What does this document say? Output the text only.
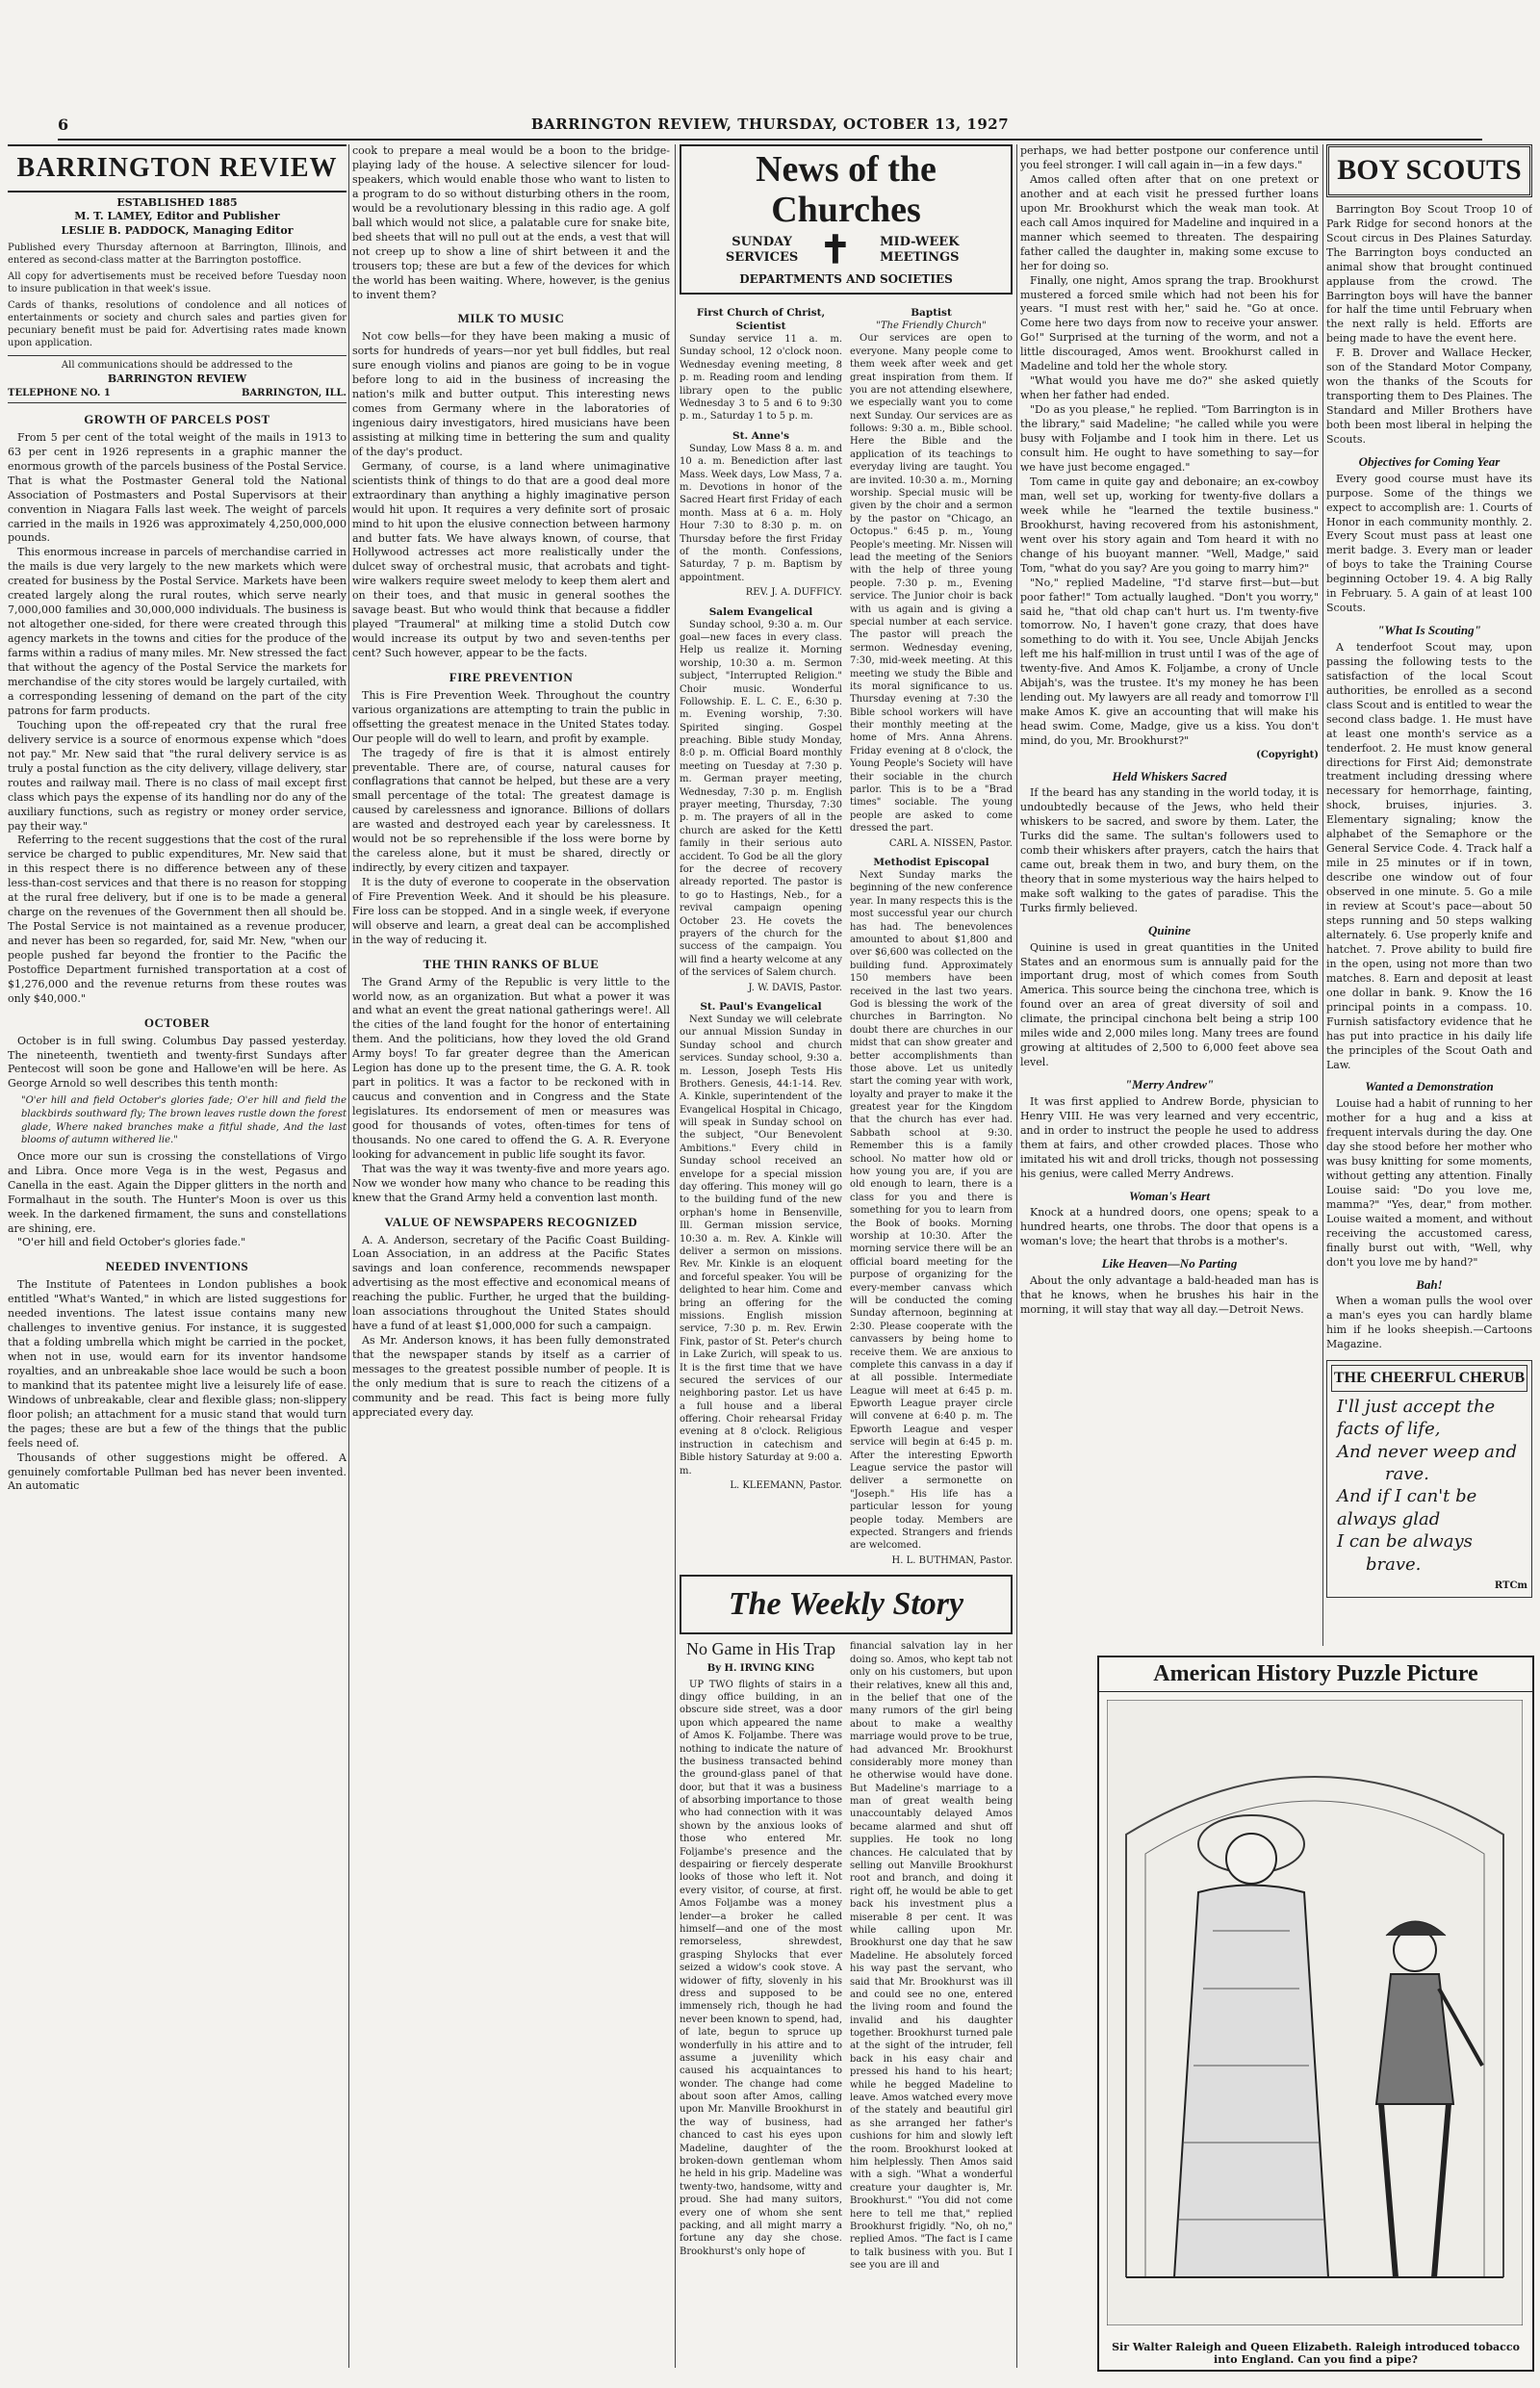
6	BARRINGTON REVIEW, THURSDAY, OCTOBER 13, 1927
BARRINGTON REVIEW
ESTABLISHED 1885
M. T. LAMEY, Editor and Publisher
LESLIE B. PADDOCK, Managing Editor
Published every Thursday afternoon at Barrington, Illinois, and entered as second-class matter at the Barrington postoffice.
All copy for advertisements must be received before Tuesday noon to insure publication in that week's issue.
Cards of thanks, resolutions of condolence and all notices of entertainments or society and church sales and parties given for pecuniary benefit must be paid for. Advertising rates made known upon application.
All communications should be addressed to the
BARRINGTON REVIEW
TELEPHONE NO. 1	BARRINGTON, ILL.
GROWTH OF PARCELS POST

From 5 per cent of the total weight of the mails in 1913 to 63 per cent in 1926 represents in a graphic manner the enormous growth of the parcels business of the Postal Service. That is what the Postmaster General told the National Association of Postmasters and Postal Supervisors at their convention in Niagara Falls last week. The weight of parcels carried in the mails in 1926 was approximately 4,250,000,000 pounds.

This enormous increase in parcels of merchandise carried in the mails is due very largely to the new markets which were created for business by the Postal Service. Markets have been created largely along the rural routes, which serve nearly 7,000,000 families and 30,000,000 individuals. The business is not altogether one-sided, for there were created through this agency markets in the towns and cities for the produce of the farms within a radius of many miles. Mr. New stressed the fact that without the agency of the Postal Service the markets for merchandise of the city stores would be largely curtailed, with a corresponding lessening of demand on the part of the city patrons for farm products.

Touching upon the off-repeated cry that the rural free delivery service is a source of enormous expense which "does not pay." Mr. New said that "the rural delivery service is as truly a postal function as the city delivery, village delivery, star routes and railway mail. There is no class of mail except first class which pays the expense of its handling nor do any of the auxiliary functions, such as registry or money order service, pay their way."

Referring to the recent suggestions that the cost of the rural service be charged to public expenditures, Mr. New said that in this respect there is no difference between any of these less-than-cost services and that there is no reason for stopping at the rural free delivery, but if one is to be made a general charge on the revenues of the Government then all should be. The Postal Service is not maintained as a revenue producer, and never has been so regarded, for, said Mr. New, "when our people pushed far beyond the frontier to the Pacific the Postoffice Department furnished transportation at a cost of $1,276,000 and the revenue returns from these routes was only $40,000."

OCTOBER

October is in full swing. Columbus Day passed yesterday. The nineteenth, twentieth and twenty-first Sundays after Pentecost will soon be gone and Hallowe'en will be here. As George Arnold so well describes this tenth month:

"O'er hill and field October's glories fade; O'er hill and field the blackbirds southward fly; The brown leaves rustle down the forest glade, Where naked branches make a fitful shade, And the last blooms of autumn withered lie."

Once more our sun is crossing the constellations of Virgo and Libra. Once more Vega is in the west, Pegasus and Canella in the east. Again the Dipper glitters in the north and Formalhaut in the south. The Hunter's Moon is over us this week. In the darkened firmament, the suns and constellations are shining, ere.

"O'er hill and field October's glories fade."

NEEDED INVENTIONS

The Institute of Patentees in London publishes a book entitled "What's Wanted," in which are listed suggestions for needed inventions. The latest issue contains many new challenges to inventive genius. For instance, it is suggested that a folding umbrella which might be carried in the pocket, when not in use, would earn for its inventor handsome royalties, and an unbreakable shoe lace would be such a boon to mankind that its patentee might live a leisurely life of ease. Windows of unbreakable, clear and flexible glass; non-slippery floor polish; an attachment for a music stand that would turn the pages; these are but a few of the things that the public feels need of.

Thousands of other suggestions might be offered. A genuinely comfortable Pullman bed has never been invented. An automatic

cook to prepare a meal would be a boon to the bridge-playing lady of the house. A selective silencer for loud-speakers, which would enable those who want to listen to a program to do so without disturbing others in the room, would be a revolutionary blessing in this radio age. A golf ball which would not slice, a palatable cure for snake bite, bed sheets that will no pull out at the ends, a vest that will not creep up to show a line of shirt between it and the trousers top; these are but a few of the devices for which the world has been waiting. Where, however, is the genius to invent them?

MILK TO MUSIC

Not cow bells—for they have been making a music of sorts for hundreds of years—nor yet bull fiddles, but real sure enough violins and pianos are going to be in vogue before long to aid in the business of increasing the nation's milk and butter output. This interesting news comes from Germany where in the laboratories of ingenious dairy investigators, hired musicians have been assisting at milking time in bettering the sum and quality of the day's product.

Germany, of course, is a land where unimaginative scientists think of things to do that are a good deal more extraordinary than anything a highly imaginative person would hit upon. It requires a very definite sort of prosaic mind to hit upon the elusive connection between harmony and butter fats. We have always known, of course, that Hollywood actresses act more realistically under the dulcet sway of orchestral music, that acrobats and tight-wire walkers require sweet melody to keep them alert and on their toes, and that music in general soothes the savage beast. But who would think that because a fiddler played "Traumeral" at milking time a stolid Dutch cow would increase its output by two and seven-tenths per cent? Such however, appear to be the facts.

FIRE PREVENTION

This is Fire Prevention Week. Throughout the country various organizations are attempting to train the public in offsetting the greatest menace in the United States today. Our people will do well to learn, and profit by example.

The tragedy of fire is that it is almost entirely preventable. There are, of course, natural causes for conflagrations that cannot be helped, but these are a very small percentage of the total: The greatest damage is caused by carelessness and ignorance. Billions of dollars are wasted and destroyed each year by carelessness. It would not be so reprehensible if the loss were borne by the careless alone, but it must be shared, directly or indirectly, by every citizen and taxpayer.

It is the duty of everone to cooperate in the observation of Fire Prevention Week. And it should be his pleasure. Fire loss can be stopped. And in a single week, if everyone will observe and learn, a great deal can be accomplished in the way of reducing it.

THE THIN RANKS OF BLUE

The Grand Army of the Republic is very little to the world now, as an organization. But what a power it was and what an event the great national gatherings were!. All the cities of the land fought for the honor of entertaining them. And the politicians, how they loved the old Grand Army boys! To far greater degree than the American Legion has done up to the present time, the G. A. R. took part in politics. It was a factor to be reckoned with in caucus and convention and in Congress and the State legislatures. Its endorsement of men or measures was good for thousands of votes, often-times for tens of thousands. No one cared to offend the G. A. R. Everyone looking for advancement in public life sought its favor.

That was the way it was twenty-five and more years ago. Now we wonder how many who chance to be reading this knew that the Grand Army held a convention last month.

VALUE OF NEWSPAPERS RECOGNIZED

A. A. Anderson, secretary of the Pacific Coast Building-Loan Association, in an address at the Pacific States savings and loan conference, recommends newspaper advertising as the most effective and economical means of reaching the public. Further, he urged that the building-loan associations throughout the United States should have a fund of at least $1,000,000 for such a campaign.

As Mr. Anderson knows, it has been fully demonstrated that the newspaper stands by itself as a carrier of messages to the greatest possible number of people. It is the only medium that is sure to reach the citizens of a community and be read. This fact is being more fully appreciated every day.

News of the Churches
SUNDAY SERVICES ✝	MID-WEEK MEETINGS
DEPARTMENTS AND SOCIETIES
First Church of Christ, Scientist

Sunday service 11 a. m. Sunday school, 12 o'clock noon. Wednesday evening meeting, 8 p. m. Reading room and lending library open to the public Wednesday 3 to 5 and 6 to 9:30 p. m., Saturday 1 to 5 p. m.

St. Anne's

Sunday, Low Mass 8 a. m. and 10 a. m. Benediction after last Mass. Week days, Low Mass, 7 a. m. Devotions in honor of the Sacred Heart first Friday of each month. Mass at 6 a. m. Holy Hour 7:30 to 8:30 p. m. on Thursday before the first Friday of the month. Confessions, Saturday, 7 p. m. Baptism by appointment.

REV. J. A. DUFFICY.
Salem Evangelical

Sunday school, 9:30 a. m. Our goal—new faces in every class. Help us realize it. Morning worship, 10:30 a. m. Sermon subject, "Interrupted Religion." Choir music. Wonderful Followship. E. L. C. E., 6:30 p. m. Evening worship, 7:30. Spirited singing. Gospel preaching. Bible study Monday, 8:0 p. m. Official Board monthly meeting on Tuesday at 7:30 p. m. German prayer meeting, Wednesday, 7:30 p. m. English prayer meeting, Thursday, 7:30 p. m. The prayers of all in the church are asked for the Kettl family in their serious auto accident. To God be all the glory for the decree of recovery already reported. The pastor is to go to Hastings, Neb., for a revival campaign opening October 23. He covets the prayers of the church for the success of the campaign. You will find a hearty welcome at any of the services of Salem church.

J. W. DAVIS, Pastor.
St. Paul's Evangelical

Next Sunday we will celebrate our annual Mission Sunday in Sunday school and church services. Sunday school, 9:30 a. m. Lesson, Joseph Tests His Brothers. Genesis, 44:1-14. Rev. A. Kinkle, superintendent of the Evangelical Hospital in Chicago, will speak in Sunday school on the subject, "Our Benevolent Ambitions." Every child in Sunday school received an envelope for a special mission day offering. This money will go to the building fund of the new orphan's home in Bensenville, Ill. German mission service, 10:30 a. m. Rev. A. Kinkle will deliver a sermon on missions. Rev. Mr. Kinkle is an eloquent and forceful speaker. You will be delighted to hear him. Come and bring an offering for the missions. English mission service, 7:30 p. m. Rev. Erwin Fink, pastor of St. Peter's church in Lake Zurich, will speak to us. It is the first time that we have secured the services of our neighboring pastor. Let us have a full house and a liberal offering. Choir rehearsal Friday evening at 8 o'clock. Religious instruction in catechism and Bible history Saturday at 9:00 a. m.

L. KLEEMANN, Pastor.
Baptist
"The Friendly Church"

Our services are open to everyone. Many people come to them week after week and get great inspiration from them. If you are not attending elsewhere, we especially want you to come next Sunday. Our services are as follows: 9:30 a. m., Bible school. Here the Bible and the application of its teachings to everyday living are taught. You are invited. 10:30 a. m., Morning worship. Special music will be given by the choir and a sermon by the pastor on "Chicago, an Octopus." 6:45 p. m., Young People's meeting. Mr. Nissen will lead the meeting of the Seniors with the help of three young people. 7:30 p. m., Evening service. The Junior choir is back with us again and is giving a special number at each service. The pastor will preach the sermon. Wednesday evening, 7:30, mid-week meeting. At this meeting we study the Bible and its moral significance to us. Thursday evening at 7:30 the Bible school workers will have their monthly meeting at the home of Mrs. Anna Ahrens. Friday evening at 8 o'clock, the Young People's Society will have their sociable in the church parlor. This is to be a "Brad times" sociable. The young people are asked to come dressed the part.

CARL A. NISSEN, Pastor.
Methodist Episcopal

Next Sunday marks the beginning of the new conference year. In many respects this is the most successful year our church has had. The benevolences amounted to about $1,800 and over $6,600 was collected on the building fund. Approximately 150 members have been received in the last two years. God is blessing the work of the churches in Barrington. No doubt there are churches in our midst that can show greater and better accomplishments than those above. Let us unitedly start the coming year with work, loyalty and prayer to make it the greatest year for the Kingdom that the church has ever had. Sabbath school at 9:30. Remember this is a family school. No matter how old or how young you are, if you are old enough to learn, there is a class for you and there is something for you to learn from the Book of books. Morning worship at 10:30. After the morning service there will be an official board meeting for the purpose of organizing for the every-member canvass which will be conducted the coming Sunday afternoon, beginning at 2:30. Please cooperate with the canvassers by being home to receive them. We are anxious to complete this canvass in a day if at all possible. Intermediate League will meet at 6:45 p. m. Epworth League prayer circle will convene at 6:40 p. m. The Epworth League and vesper service will begin at 6:45 p. m. After the interesting Epworth League service the pastor will deliver a sermonette on "Joseph." His life has a particular lesson for young people today. Members are expected. Strangers and friends are welcomed.

H. L. BUTHMAN, Pastor.
The Weekly Story
No Game in His Trap
By H. IRVING KING

UP TWO flights of stairs in a dingy office building, in an obscure side street, was a door upon which appeared the name of Amos K. Foljambe. There was nothing to indicate the nature of the business transacted behind the ground-glass panel of that door, but that it was a business of absorbing importance to those who had connection with it was shown by the anxious looks of those who entered Mr. Foljambe's presence and the despairing or fiercely desperate looks of those who left it. Not every visitor, of course, at first. Amos Foljambe was a money lender—a broker he called himself—and one of the most remorseless, shrewdest, grasping Shylocks that ever seized a widow's cook stove. A widower of fifty, slovenly in his dress and supposed to be immensely rich, though he had never been known to spend, had, of late, begun to spruce up wonderfully in his attire and to assume a juvenility which caused his acquaintances to wonder. The change had come about soon after Amos, calling upon Mr. Manville Brookhurst in the way of business, had chanced to cast his eyes upon Madeline, daughter of the broken-down gentleman whom he held in his grip. Madeline was twenty-two, handsome, witty and proud. She had many suitors, every one of whom she sent packing, and all might marry a fortune any day she chose. Brookhurst's only hope of

financial salvation lay in her doing so. Amos, who kept tab not only on his customers, but upon their relatives, knew all this and, in the belief that one of the many rumors of the girl being about to make a wealthy marriage would prove to be true, had advanced Mr. Brookhurst considerably more money than he otherwise would have done. But Madeline's marriage to a man of great wealth being unaccountably delayed Amos became alarmed and shut off supplies. He took no long chances. He calculated that by selling out Manville Brookhurst root and branch, and doing it right off, he would be able to get back his investment plus a miserable 8 per cent. It was while calling upon Mr. Brookhurst one day that he saw Madeline. He absolutely forced his way past the servant, who said that Mr. Brookhurst was ill and could see no one, entered the living room and found the invalid and his daughter together. Brookhurst turned pale at the sight of the intruder, fell back in his easy chair and pressed his hand to his heart; while he begged Madeline to leave. Amos watched every move of the stately and beautiful girl as she arranged her father's cushions for him and slowly left the room. Brookhurst looked at him helplessly. Then Amos said with a sigh. "What a wonderful creature your daughter is, Mr. Brookhurst." "You did not come here to tell me that," replied Brookhurst frigidly. "No, oh no," replied Amos. "The fact is I came to talk business with you. But I see you are ill and

perhaps, we had better postpone our conference until you feel stronger. I will call again in—in a few days."

Amos called often after that on one pretext or another and at each visit he pressed further loans upon Mr. Brookhurst which the weak man took. At each call Amos inquired for Madeline and inquired in a manner which seemed to threaten. The despairing father called the daughter in, making some excuse to her for doing so.

Finally, one night, Amos sprang the trap. Brookhurst mustered a forced smile which had not been his for years. "I must rest with her," said he. "Go at once. Come here two days from now to receive your answer. Go!" Surprised at the turning of the worm, and not a little discouraged, Amos went. Brookhurst called in Madeline and told her the whole story.

"What would you have me do?" she asked quietly when her father had ended.

"Do as you please," he replied. "Tom Barrington is in the library," said Madeline; "he called while you were busy with Foljambe and I took him in there. Let us consult him. He ought to have something to say—for we have just become engaged."

Tom came in quite gay and debonaire; an ex-cowboy man, well set up, working for twenty-five dollars a week while he "learned the textile business." Brookhurst, having recovered from his astonishment, went over his story again and Tom heard it with no change of his buoyant manner. "Well, Madge," said Tom, "what do you say? Are you going to marry him?"

"No," replied Madeline, "I'd starve first—but—but poor father!" Tom actually laughed. "Don't you worry," said he, "that old chap can't hurt us. I'm twenty-five tomorrow. No, I haven't gone crazy, that does have something to do with it. You see, Uncle Abijah Jencks left me his half-million in trust until I was of the age of twenty-five. And Amos K. Foljambe, a crony of Uncle Abijah's, was the trustee. It's my money he has been lending out. My lawyers are all ready and tomorrow I'll make Amos K. give an accounting that will make his head swim. Come, Madge, give us a kiss. You don't mind, do you, Mr. Brookhurst?"

(Copyright)
Held Whiskers Sacred

If the beard has any standing in the world today, it is undoubtedly because of the Jews, who held their whiskers to be sacred, and swore by them. Later, the Turks did the same. The sultan's followers used to comb their whiskers after prayers, catch the hairs that came out, break them in two, and bury them, on the theory that in some mysterious way the hairs helped to make soft walking to the gates of paradise. This the Turks firmly believed.

Quinine

Quinine is used in great quantities in the United States and an enormous sum is annually paid for the important drug, most of which comes from South America. This source being the cinchona tree, which is found over an area of great diversity of soil and climate, the principal cinchona belt being a strip 100 miles wide and 2,000 miles long. Many trees are found growing at altitudes of 2,500 to 6,000 feet above sea level.

"Merry Andrew"

It was first applied to Andrew Borde, physician to Henry VIII. He was very learned and very eccentric, and in order to instruct the people he used to address them at fairs, and other crowded places. Those who imitated his wit and droll tricks, though not possessing his genius, were called Merry Andrews.

Woman's Heart

Knock at a hundred doors, one opens; speak to a hundred hearts, one throbs. The door that opens is a woman's love; the heart that throbs is a mother's.

Like Heaven—No Parting

About the only advantage a bald-headed man has is that he knows, when he brushes his hair in the morning, it will stay that way all day.—Detroit News.

BOY SCOUTS

Barrington Boy Scout Troop 10 of Park Ridge for second honors at the Scout circus in Des Plaines Saturday. The Barrington boys conducted an animal show that brought continued applause from the crowd. The Barrington boys will have the banner for half the time until February when the next rally is held. Efforts are being made to have the event here.

F. B. Drover and Wallace Hecker, son of the Standard Motor Company, won the thanks of the Scouts for transporting them to Des Plaines. The Standard and Miller Brothers have both been most liberal in helping the Scouts.

Objectives for Coming Year

Every good course must have its purpose. Some of the things we expect to accomplish are: 1. Courts of Honor in each community monthly. 2. Every Scout must pass at least one merit badge. 3. Every man or leader of boys to take the Training Course beginning October 19. 4. A big Rally in February. 5. A gain of at least 100 Scouts.

"What Is Scouting"

A tenderfoot Scout may, upon passing the following tests to the satisfaction of the local Scout authorities, be enrolled as a second class Scout and is entitled to wear the second class badge. 1. He must have at least one month's service as a tenderfoot. 2. He must know general directions for First Aid; demonstrate treatment including dressing where necessary for hemorrhage, fainting, shock, bruises, injuries. 3. Elementary signaling; know the alphabet of the Semaphore or the General Service Code. 4. Track half a mile in 25 minutes or if in town, describe one window out of four observed in one minute. 5. Go a mile in review at Scout's pace—about 50 steps running and 50 steps walking alternately. 6. Use properly knife and hatchet. 7. Prove ability to build fire in the open, using not more than two matches. 8. Earn and deposit at least one dollar in bank. 9. Know the 16 principal points in a compass. 10. Furnish satisfactory evidence that he has put into practice in his daily life the principles of the Scout Oath and Law.

Wanted a Demonstration

Louise had a habit of running to her mother for a hug and a kiss at frequent intervals during the day. One day she stood before her mother who was busy knitting for some moments, without getting any attention. Finally Louise said: "Do you love me, mamma?" "Yes, dear," from mother. Louise waited a moment, and without receiving the accustomed caress, finally burst out with, "Well, why don't you love me by hand?"

Bah!

When a woman pulls the wool over a man's eyes you can hardly blame him if he looks sheepish.—Cartoons Magazine.

THE CHEERFUL CHERUB
I'll just accept the
facts of life,
And never weep and
rave.
And if I can't be
always glad
I can be always
brave.
RTCm
American History Puzzle Picture
Sir Walter Raleigh and Queen Elizabeth. Raleigh introduced tobacco into England. Can you find a pipe?
